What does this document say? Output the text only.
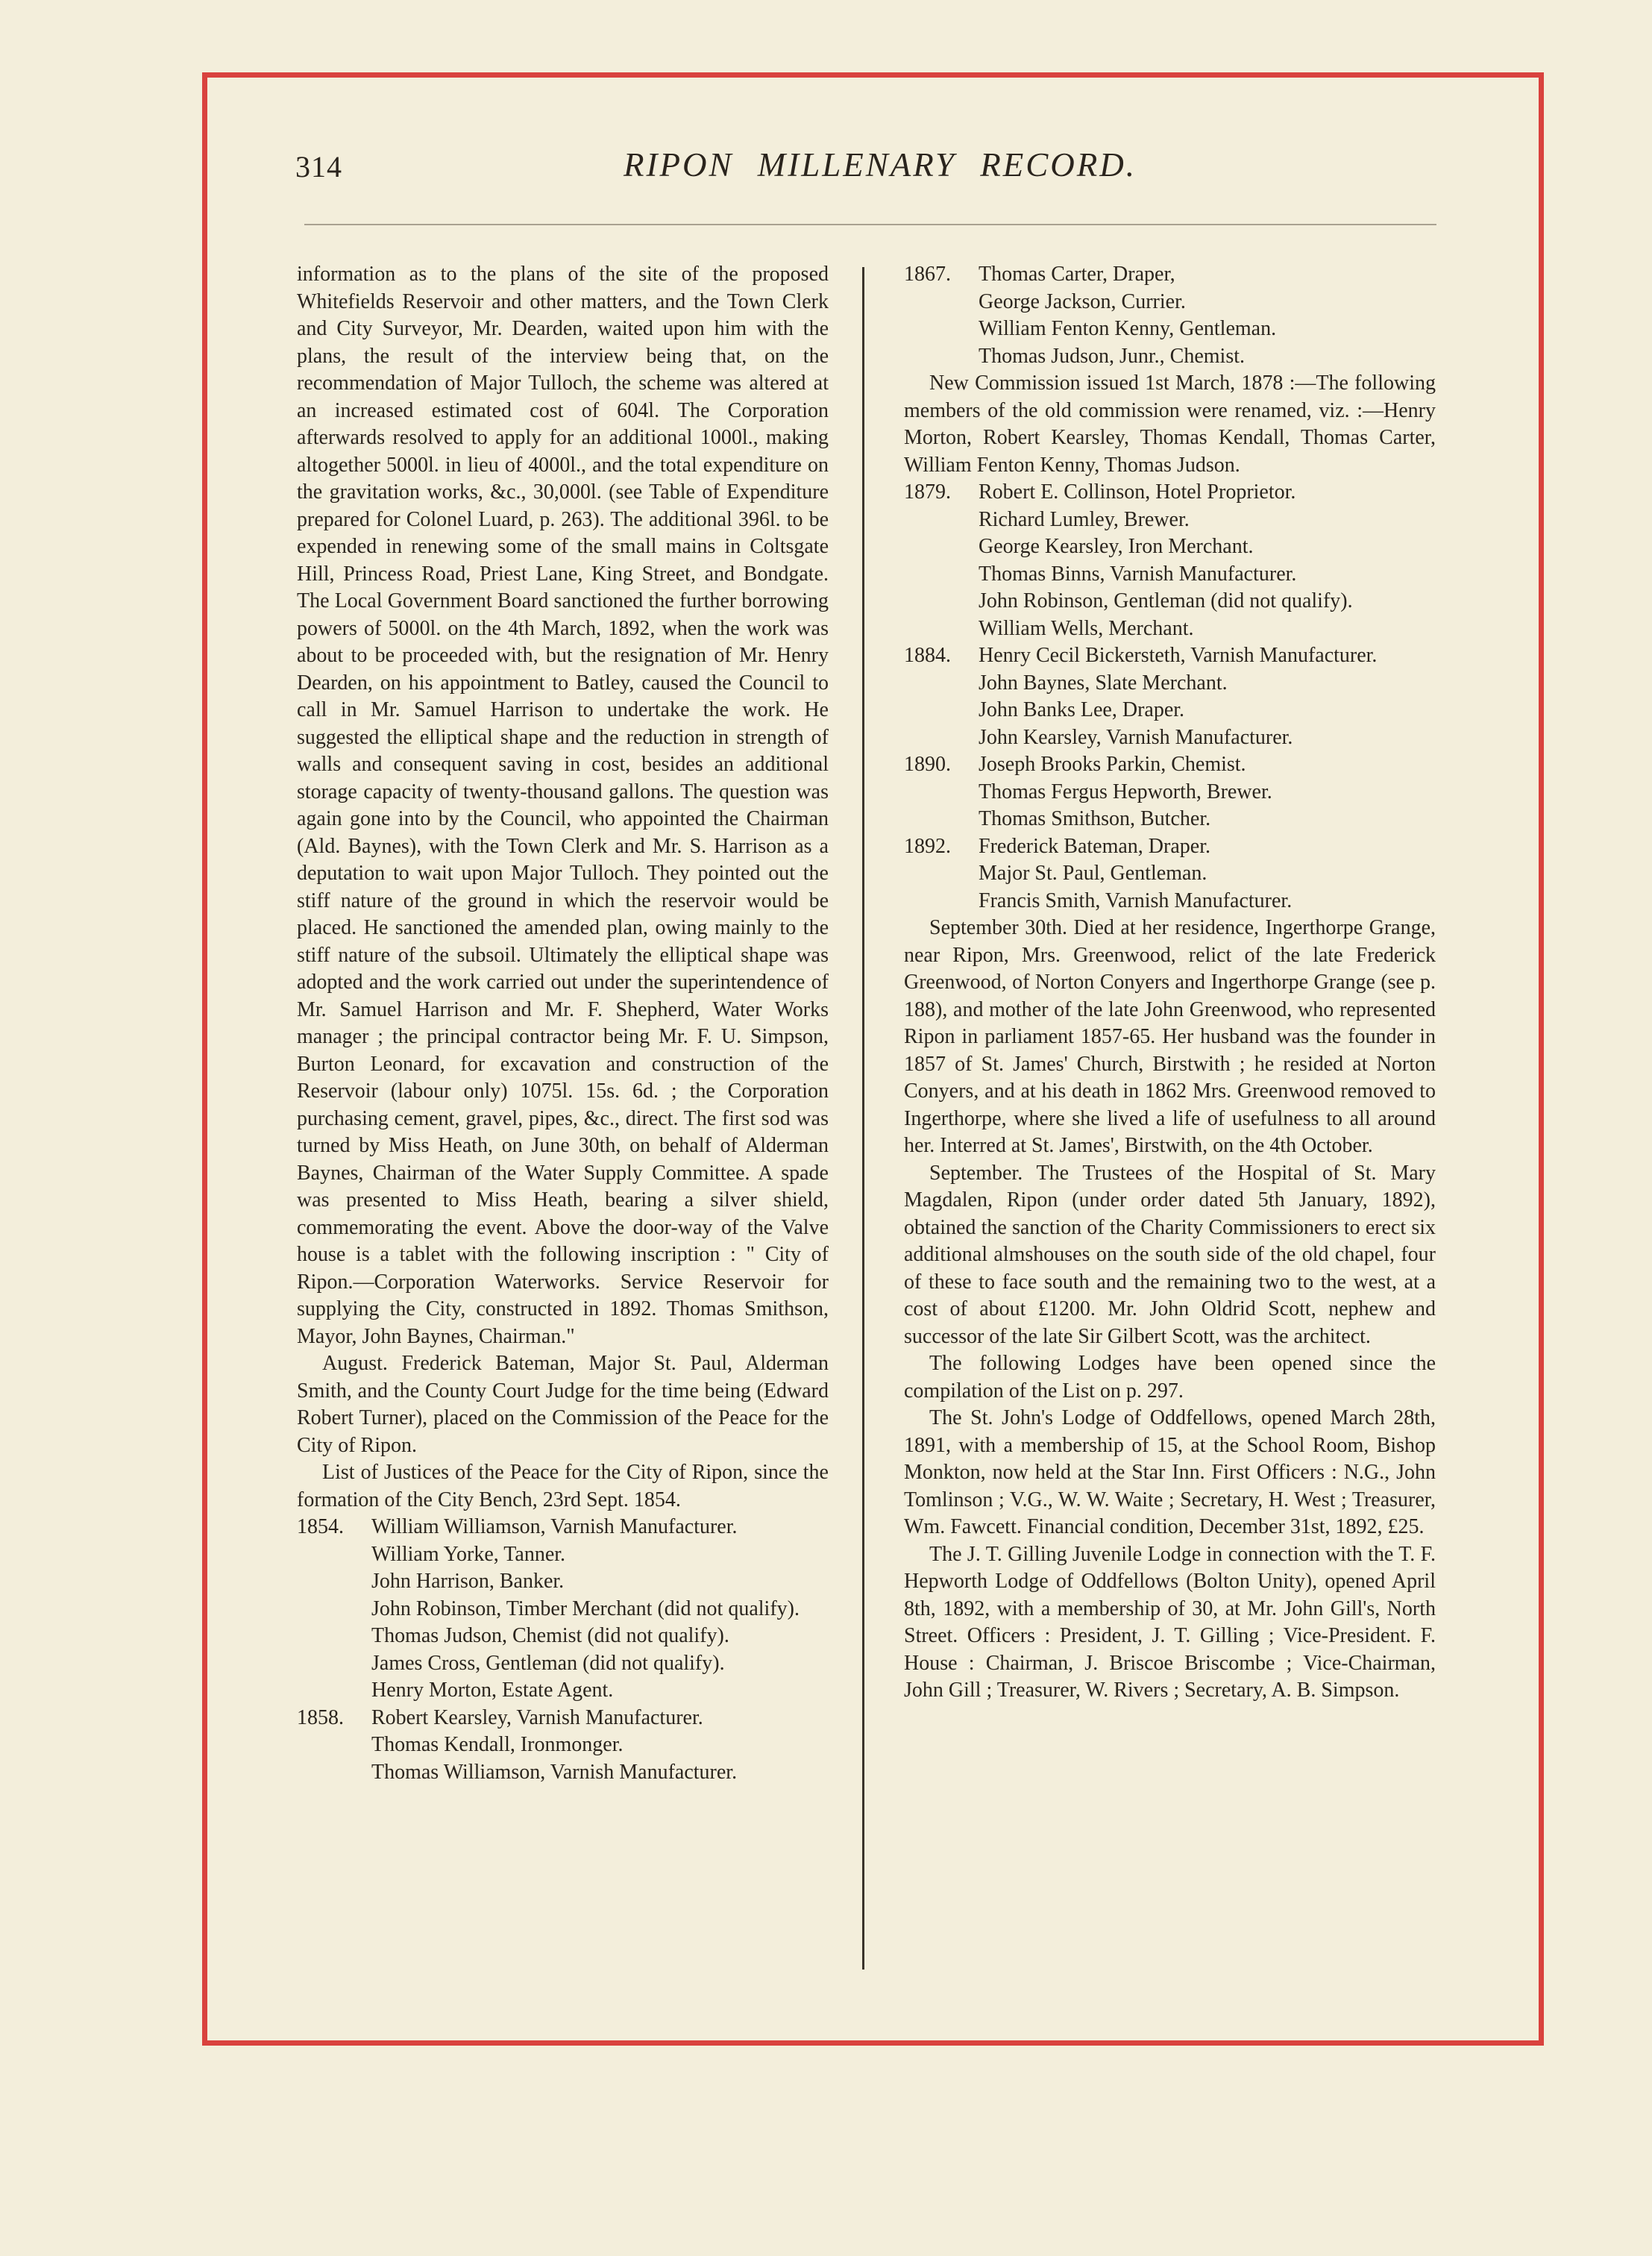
314	RIPON MILLENARY RECORD.

information as to the plans of the site of the proposed Whitefields Reservoir and other matters, and the Town Clerk and City Surveyor, Mr. Dearden, waited upon him with the plans, the result of the interview being that, on the recommendation of Major Tulloch, the scheme was altered at an increased estimated cost of 604l. The Corporation afterwards resolved to apply for an additional 1000l., making altogether 5000l. in lieu of 4000l., and the total expenditure on the gravitation works, &c., 30,000l. (see Table of Expenditure prepared for Colonel Luard, p. 263). The additional 396l. to be expended in renewing some of the small mains in Coltsgate Hill, Princess Road, Priest Lane, King Street, and Bondgate. The Local Government Board sanctioned the further borrowing powers of 5000l. on the 4th March, 1892, when the work was about to be proceeded with, but the resignation of Mr. Henry Dearden, on his appointment to Batley, caused the Council to call in Mr. Samuel Harrison to undertake the work. He suggested the elliptical shape and the reduction in strength of walls and consequent saving in cost, besides an additional storage capacity of twenty-thousand gallons. The question was again gone into by the Council, who appointed the Chairman (Ald. Baynes), with the Town Clerk and Mr. S. Harrison as a deputation to wait upon Major Tulloch. They pointed out the stiff nature of the ground in which the reservoir would be placed. He sanctioned the amended plan, owing mainly to the stiff nature of the subsoil. Ultimately the elliptical shape was adopted and the work carried out under the superintendence of Mr. Samuel Harrison and Mr. F. Shepherd, Water Works manager ; the principal contractor being Mr. F. U. Simpson, Burton Leonard, for excavation and construction of the Reservoir (labour only) 1075l. 15s. 6d. ; the Corporation purchasing cement, gravel, pipes, &c., direct. The first sod was turned by Miss Heath, on June 30th, on behalf of Alderman Baynes, Chairman of the Water Supply Committee. A spade was presented to Miss Heath, bearing a silver shield, commemorating the event. Above the door-way of the Valve house is a tablet with the following inscription : " City of Ripon.—Corporation Waterworks. Service Reservoir for supplying the City, constructed in 1892. Thomas Smithson, Mayor, John Baynes, Chairman."

August. Frederick Bateman, Major St. Paul, Alderman Smith, and the County Court Judge for the time being (Edward Robert Turner), placed on the Commission of the Peace for the City of Ripon.

List of Justices of the Peace for the City of Ripon, since the formation of the City Bench, 23rd Sept. 1854.

1854.	William Williamson, Varnish Manufacturer.
William Yorke, Tanner.
John Harrison, Banker.
John Robinson, Timber Merchant (did not qualify).
Thomas Judson, Chemist (did not qualify).
James Cross, Gentleman (did not qualify).
Henry Morton, Estate Agent.
1858.	Robert Kearsley, Varnish Manufacturer.
Thomas Kendall, Ironmonger.
Thomas Williamson, Varnish Manufacturer.
1867.	Thomas Carter, Draper,
George Jackson, Currier.
William Fenton Kenny, Gentleman.
Thomas Judson, Junr., Chemist.

New Commission issued 1st March, 1878 :—The following members of the old commission were renamed, viz. :—Henry Morton, Robert Kearsley, Thomas Kendall, Thomas Carter, William Fenton Kenny, Thomas Judson.

1879.	Robert E. Collinson, Hotel Proprietor.
Richard Lumley, Brewer.
George Kearsley, Iron Merchant.
Thomas Binns, Varnish Manufacturer.
John Robinson, Gentleman (did not qualify).
William Wells, Merchant.
1884.	Henry Cecil Bickersteth, Varnish Manufacturer.
John Baynes, Slate Merchant.
John Banks Lee, Draper.
John Kearsley, Varnish Manufacturer.
1890.	Joseph Brooks Parkin, Chemist.
Thomas Fergus Hepworth, Brewer.
Thomas Smithson, Butcher.
1892.	Frederick Bateman, Draper.
Major St. Paul, Gentleman.
Francis Smith, Varnish Manufacturer.

September 30th. Died at her residence, Ingerthorpe Grange, near Ripon, Mrs. Greenwood, relict of the late Frederick Greenwood, of Norton Conyers and Ingerthorpe Grange (see p. 188), and mother of the late John Greenwood, who represented Ripon in parliament 1857-65. Her husband was the founder in 1857 of St. James' Church, Birstwith ; he resided at Norton Conyers, and at his death in 1862 Mrs. Greenwood removed to Ingerthorpe, where she lived a life of usefulness to all around her. Interred at St. James', Birstwith, on the 4th October.

September. The Trustees of the Hospital of St. Mary Magdalen, Ripon (under order dated 5th January, 1892), obtained the sanction of the Charity Commissioners to erect six additional almshouses on the south side of the old chapel, four of these to face south and the remaining two to the west, at a cost of about £1200. Mr. John Oldrid Scott, nephew and successor of the late Sir Gilbert Scott, was the architect.

The following Lodges have been opened since the compilation of the List on p. 297.

The St. John's Lodge of Oddfellows, opened March 28th, 1891, with a membership of 15, at the School Room, Bishop Monkton, now held at the Star Inn. First Officers : N.G., John Tomlinson ; V.G., W. W. Waite ; Secretary, H. West ; Treasurer, Wm. Fawcett. Financial condition, December 31st, 1892, £25.

The J. T. Gilling Juvenile Lodge in connection with the T. F. Hepworth Lodge of Oddfellows (Bolton Unity), opened April 8th, 1892, with a membership of 30, at Mr. John Gill's, North Street. Officers : President, J. T. Gilling ; Vice-President. F. House : Chairman, J. Briscoe Briscombe ; Vice-Chairman, John Gill ; Treasurer, W. Rivers ; Secretary, A. B. Simpson.
